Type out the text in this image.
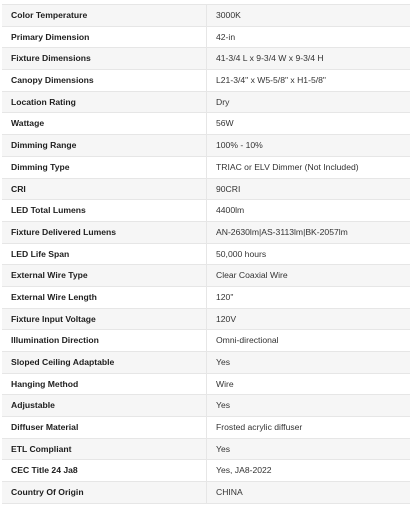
Color Temperature	3000K
Primary Dimension	42-in
Fixture Dimensions	41-3/4 L x 9-3/4 W x 9-3/4 H
Canopy Dimensions	L21-3/4" x W5-5/8" x H1-5/8"
Location Rating	Dry
Wattage	56W
Dimming Range	100% - 10%
Dimming Type	TRIAC or ELV Dimmer (Not Included)
CRI	90CRI
LED Total Lumens	4400lm
Fixture Delivered Lumens	AN-2630lm|AS-3113lm|BK-2057lm
LED Life Span	50,000 hours
External Wire Type	Clear Coaxial Wire
External Wire Length	120"
Fixture Input Voltage	120V
Illumination Direction	Omni-directional
Sloped Ceiling Adaptable	Yes
Hanging Method	Wire
Adjustable	Yes
Diffuser Material	Frosted acrylic diffuser
ETL Compliant	Yes
CEC Title 24 Ja8	Yes, JA8-2022
Country Of Origin	CHINA
